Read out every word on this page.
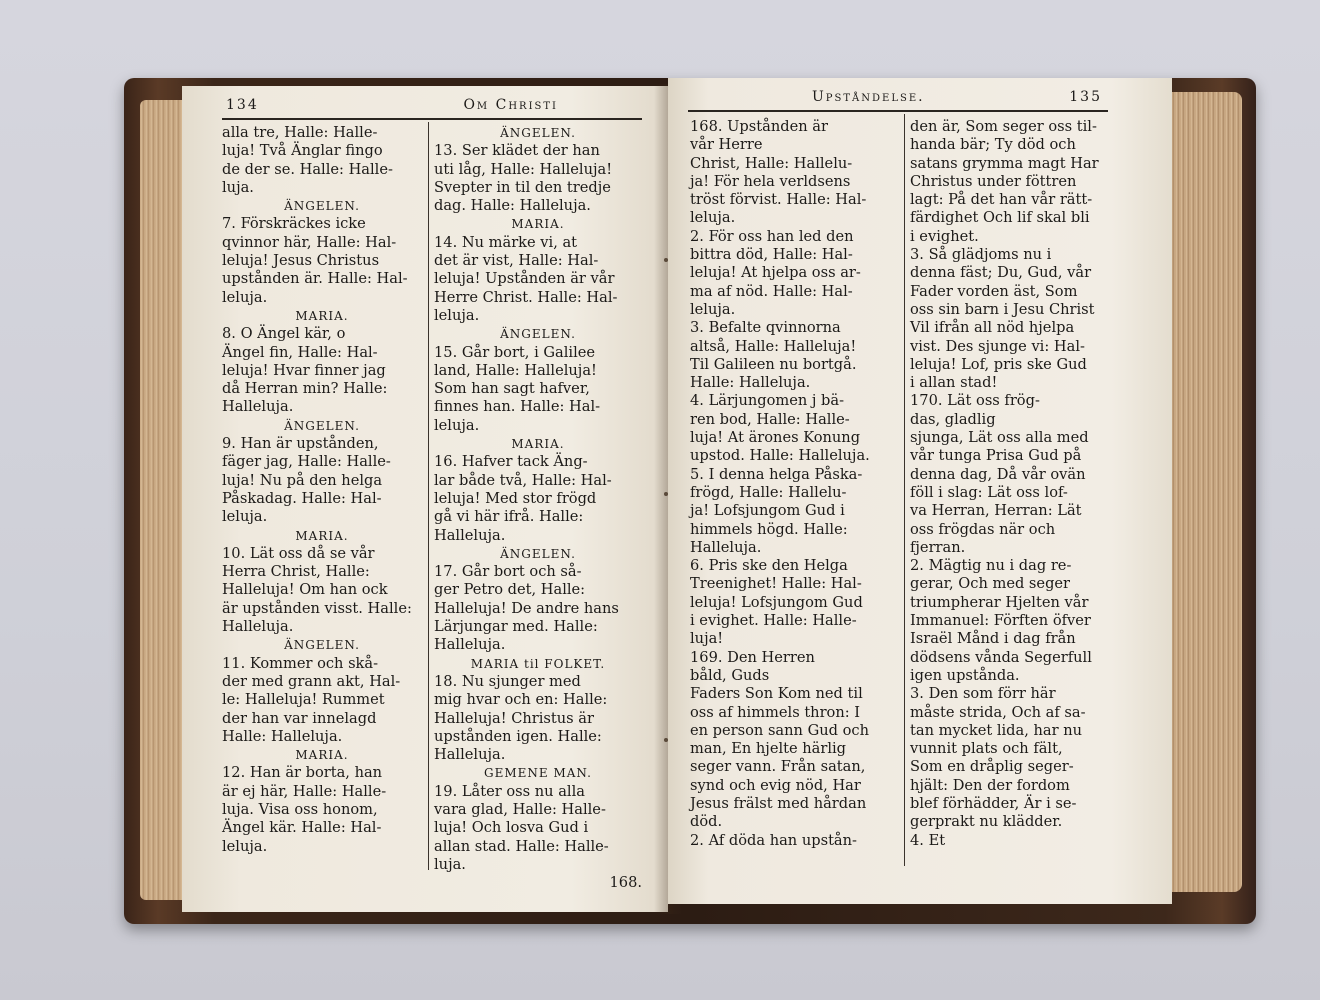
134	Om Christi
alla tre, Halle: Halle-
luja! Två Änglar fingo
de der se. Halle: Halle-
luja.
ÄNGELEN.
7. Förskräckes icke
qvinnor här, Halle: Hal-
leluja! Jesus Christus
upstånden är. Halle: Hal-
leluja.
MARIA.
8. O Ängel kär, o
Ängel fin, Halle: Hal-
leluja! Hvar finner jag
då Herran min? Halle:
Halleluja.
ÄNGELEN.
9. Han är upstånden,
fäger jag, Halle: Halle-
luja! Nu på den helga
Påskadag. Halle: Hal-
leluja.
MARIA.
10. Lät oss då se vår
Herra Christ, Halle:
Halleluja! Om han ock
är upstånden visst. Halle:
Halleluja.
ÄNGELEN.
11. Kommer och skå-
der med grann akt, Hal-
le: Halleluja! Rummet
der han var innelagd
Halle: Halleluja.
MARIA.
12. Han är borta, han
är ej här, Halle: Halle-
luja. Visa oss honom,
Ängel kär. Halle: Hal-
leluja.
ÄNGELEN.
13. Ser klädet der han
uti låg, Halle: Halleluja!
Svepter in til den tredje
dag. Halle: Halleluja.
MARIA.
14. Nu märke vi, at
det är vist, Halle: Hal-
leluja! Upstånden är vår
Herre Christ. Halle: Hal-
leluja.
ÄNGELEN.
15. Går bort, i Galilee
land, Halle: Halleluja!
Som han sagt hafver,
finnes han. Halle: Hal-
leluja.
MARIA.
16. Hafver tack Äng-
lar både två, Halle: Hal-
leluja! Med stor frögd
gå vi här ifrå. Halle:
Halleluja.
ÄNGELEN.
17. Går bort och så-
ger Petro det, Halle:
Halleluja! De andre hans
Lärjungar med. Halle:
Halleluja.
MARIA til FOLKET.
18. Nu sjunger med
mig hvar och en: Halle:
Halleluja! Christus är
upstånden igen. Halle:
Halleluja.
GEMENE MAN.
19. Låter oss nu alla
vara glad, Halle: Halle-
luja! Och losva Gud i
allan stad. Halle: Halle-
luja.
168.
Upståndelse.	135
168. Upstånden är
vår Herre
Christ, Halle: Hallelu-
ja! För hela verldsens
tröst förvist. Halle: Hal-
leluja.
2. För oss han led den
bittra död, Halle: Hal-
leluja! At hjelpa oss ar-
ma af nöd. Halle: Hal-
leluja.
3. Befalte qvinnorna
altså, Halle: Halleluja!
Til Galileen nu bortgå.
Halle: Halleluja.
4. Lärjungomen j bä-
ren bod, Halle: Halle-
luja! At ärones Konung
upstod. Halle: Halleluja.
5. I denna helga Påska-
frögd, Halle: Hallelu-
ja! Lofsjungom Gud i
himmels högd. Halle:
Halleluja.
6. Pris ske den Helga
Treenighet! Halle: Hal-
leluja! Lofsjungom Gud
i evighet. Halle: Halle-
luja!
169. Den Herren
båld, Guds
Faders Son Kom ned til
oss af himmels thron: I
en person sann Gud och
man, En hjelte härlig
seger vann. Från satan,
synd och evig nöd, Har
Jesus frälst med hårdan
död.
2. Af döda han upstån-
den är, Som seger oss til-
handa bär; Ty död och
satans grymma magt Har
Christus under föttren
lagt: På det han vår rätt-
färdighet Och lif skal bli
i evighet.
3. Så glädjoms nu i
denna fäst; Du, Gud, vår
Fader vorden äst, Som
oss sin barn i Jesu Christ
Vil ifrån all nöd hjelpa
vist. Des sjunge vi: Hal-
leluja! Lof, pris ske Gud
i allan stad!
170. Lät oss frög-
das, gladlig
sjunga, Lät oss alla med
vår tunga Prisa Gud på
denna dag, Då vår ovän
föll i slag: Lät oss lof-
va Herran, Herran: Lät
oss frögdas när och
fjerran.
2. Mägtig nu i dag re-
gerar, Och med seger
triumpherar Hjelten vår
Immanuel: Förften öfver
Israël Månd i dag från
dödsens vånda Segerfull
igen upstånda.
3. Den som förr här
måste strida, Och af sa-
tan mycket lida, har nu
vunnit plats och fält,
Som en dråplig seger-
hjält: Den der fordom
blef förhädder, Är i se-
gerprakt nu klädder.
4. Et
